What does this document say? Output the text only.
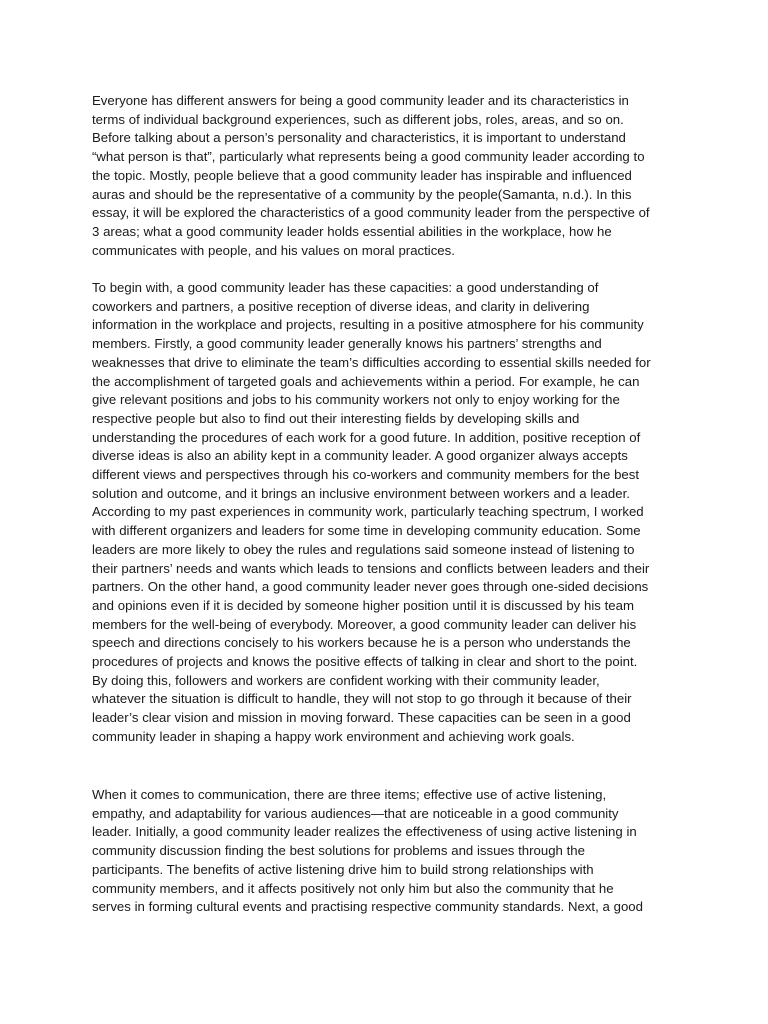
Everyone has different answers for being a good community leader and its characteristics in
terms of individual background experiences, such as different jobs, roles, areas, and so on.
Before talking about a person’s personality and characteristics, it is important to understand
“what person is that”, particularly what represents being a good community leader according to
the topic. Mostly, people believe that a good community leader has inspirable and influenced
auras and should be the representative of a community by the people(Samanta, n.d.). In this
essay, it will be explored the characteristics of a good community leader from the perspective of
3 areas; what a good community leader holds essential abilities in the workplace, how he
communicates with people, and his values on moral practices.

To begin with, a good community leader has these capacities: a good understanding of
coworkers and partners, a positive reception of diverse ideas, and clarity in delivering
information in the workplace and projects, resulting in a positive atmosphere for his community
members. Firstly, a good community leader generally knows his partners’ strengths and
weaknesses that drive to eliminate the team’s difficulties according to essential skills needed for
the accomplishment of targeted goals and achievements within a period. For example, he can
give relevant positions and jobs to his community workers not only to enjoy working for the
respective people but also to find out their interesting fields by developing skills and
understanding the procedures of each work for a good future. In addition, positive reception of
diverse ideas is also an ability kept in a community leader. A good organizer always accepts
different views and perspectives through his co-workers and community members for the best
solution and outcome, and it brings an inclusive environment between workers and a leader.
According to my past experiences in community work, particularly teaching spectrum, I worked
with different organizers and leaders for some time in developing community education. Some
leaders are more likely to obey the rules and regulations said someone instead of listening to
their partners’ needs and wants which leads to tensions and conflicts between leaders and their
partners. On the other hand, a good community leader never goes through one-sided decisions
and opinions even if it is decided by someone higher position until it is discussed by his team
members for the well-being of everybody. Moreover, a good community leader can deliver his
speech and directions concisely to his workers because he is a person who understands the
procedures of projects and knows the positive effects of talking in clear and short to the point.
By doing this, followers and workers are confident working with their community leader,
whatever the situation is difficult to handle, they will not stop to go through it because of their
leader’s clear vision and mission in moving forward. These capacities can be seen in a good
community leader in shaping a happy work environment and achieving work goals.

When it comes to communication, there are three items; effective use of active listening,
empathy, and adaptability for various audiences—that are noticeable in a good community
leader. Initially, a good community leader realizes the effectiveness of using active listening in
community discussion finding the best solutions for problems and issues through the
participants. The benefits of active listening drive him to build strong relationships with
community members, and it affects positively not only him but also the community that he
serves in forming cultural events and practising respective community standards. Next, a good
